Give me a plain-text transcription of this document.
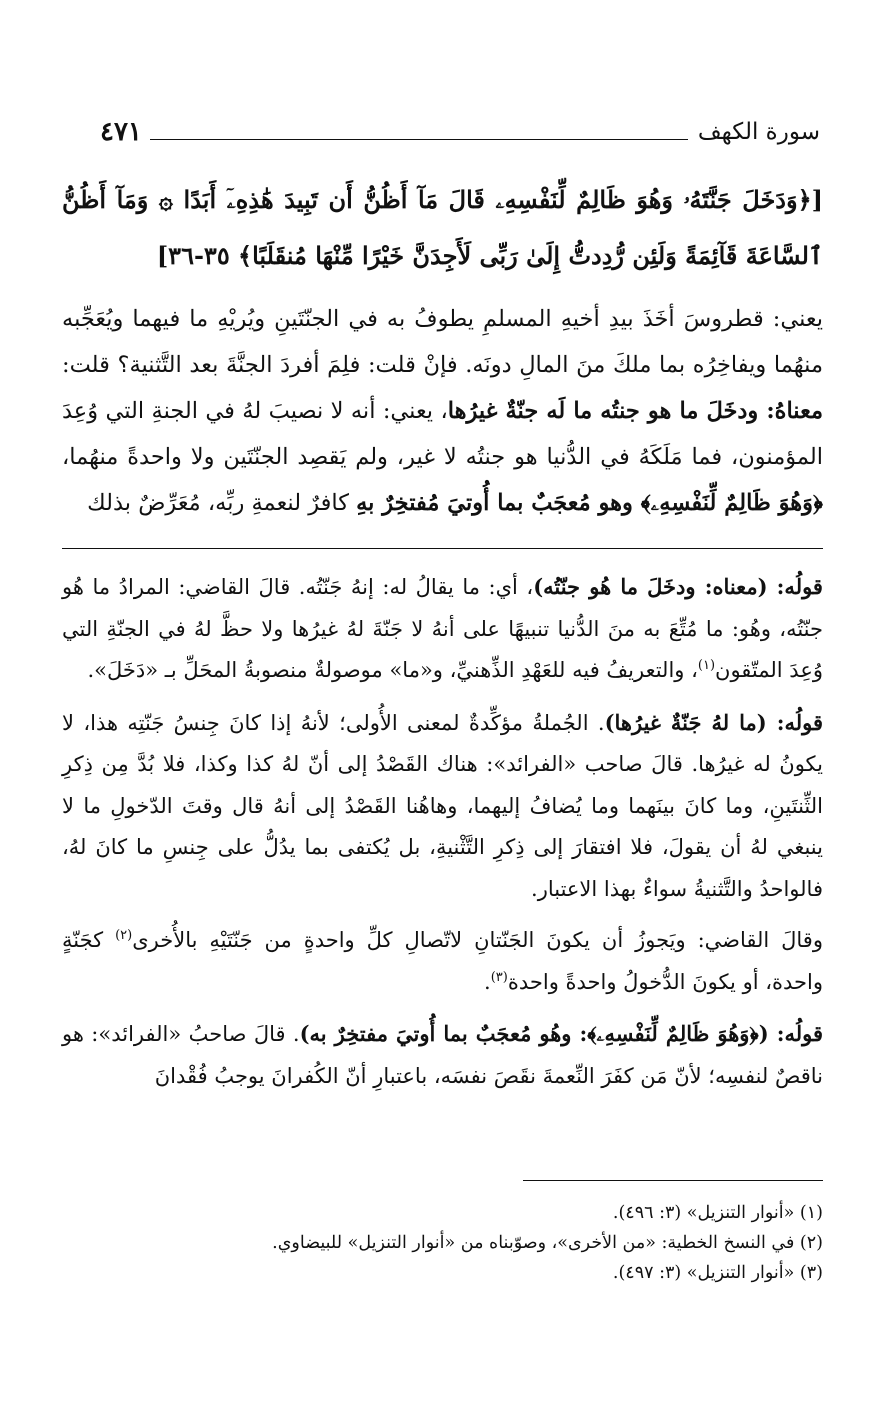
٤٧١	سورة الكهف
[﴿وَدَخَلَ جَنَّتَهُۥ وَهُوَ ظَالِمٌ لِّنَفْسِهِۦ قَالَ مَآ أَظُنُّ أَن تَبِيدَ هَٰذِهِۦٓ أَبَدًا ۞ وَمَآ أَظُنُّ ٱلسَّاعَةَ قَآئِمَةً وَلَئِن رُّدِدتُّ إِلَىٰ رَبِّى لَأَجِدَنَّ خَيْرًا مِّنْهَا مُنقَلَبًا﴾ ٣٥-٣٦]
يعني: قطروسَ أخَذَ بيدِ أخيهِ المسلمِ يطوفُ به في الجنّتَينِ ويُريْهِ ما فيهما ويُعَجِّبه منهُما ويفاخِرُه بما ملكَ منَ المالِ دونَه. فإنْ قلت: فلِمَ أفردَ الجنَّةَ بعد التَّثنية؟ قلت: معناهُ: ودخَلَ ما هو جنتُه ما لَه جنّةٌ غيرُها، يعني: أنه لا نصيبَ لهُ في الجنةِ التي وُعِدَ المؤمنون، فما مَلَكَهُ في الدُّنيا هو جنتُه لا غير، ولم يَقصِد الجنّتَين ولا واحدةً منهُما، ﴿وَهُوَ ظَالِمٌ لِّنَفْسِهِۦ﴾ وهو مُعجَبٌ بما أُوتيَ مُفتخِرٌ بهِ كافرٌ لنعمةِ ربِّه، مُعَرِّضٌ بذلك

قولُه: (معناه: ودخَلَ ما هُو جنّتُه)، أي: ما يقالُ له: إنهُ جَنّتُه. قالَ القاضي: المرادُ ما هُو جنّتُه، وهُو: ما مُتِّعَ به منَ الدُّنيا تنبيهًا على أنهُ لا جَنّةَ لهُ غيرُها ولا حظَّ لهُ في الجنّةِ التي وُعِدَ المتّقون$^{(١)}$، والتعريفُ فيه للعَهْدِ الذِّهنيِّ، و«ما» موصولةٌ منصوبةُ المحَلِّ بـ «دَخَلَ».

قولُه: (ما لهُ جَنّةٌ غيرُها). الجُملةُ مؤكِّدةٌ لمعنى الأُولى؛ لأنهُ إذا كانَ جِنسُ جَنّتِه هذا، لا يكونُ له غيرُها. قالَ صاحب «الفرائد»: هناك القَصْدُ إلى أنّ لهُ كذا وكذا، فلا بُدَّ مِن ذِكرِ الثِّنتَينِ، وما كانَ بينَهما وما يُضافُ إليهما، وهاهُنا القَصْدُ إلى أنهُ قال وقتَ الدّخولِ ما لا ينبغي لهُ أن يقولَ، فلا افتقارَ إلى ذِكرِ التَّثْنيةِ، بل يُكتفى بما يدُلُّ على جِنسِ ما كانَ لهُ، فالواحدُ والتَّثنيةُ سواءٌ بهذا الاعتبار.

وقالَ القاضي: ويَجوزُ أن يكونَ الجَنّتانِ لاتّصالِ كلِّ واحدةٍ من جَنّتَيْهِ بالأُخرى$^{(٢)}$ كجَنّةٍ واحدة، أو يكونَ الدُّخولُ واحدةً واحدة$^{(٣)}$.

قولُه: (﴿وَهُوَ ظَالِمٌ لِّنَفْسِهِۦ﴾: وهُو مُعجَبٌ بما أُوتيَ مفتخِرٌ به). قالَ صاحبُ «الفرائد»: هو ناقصٌ لنفسِه؛ لأنّ مَن كفَرَ النِّعمةَ نقَصَ نفسَه، باعتبارِ أنّ الكُفرانَ يوجبُ فُقْدانَ

(١) «أنوار التنزيل» (٣: ٤٩٦).
(٢) في النسخ الخطية: «من الأخرى»، وصوّبناه من «أنوار التنزيل» للبيضاوي.
(٣) «أنوار التنزيل» (٣: ٤٩٧).
